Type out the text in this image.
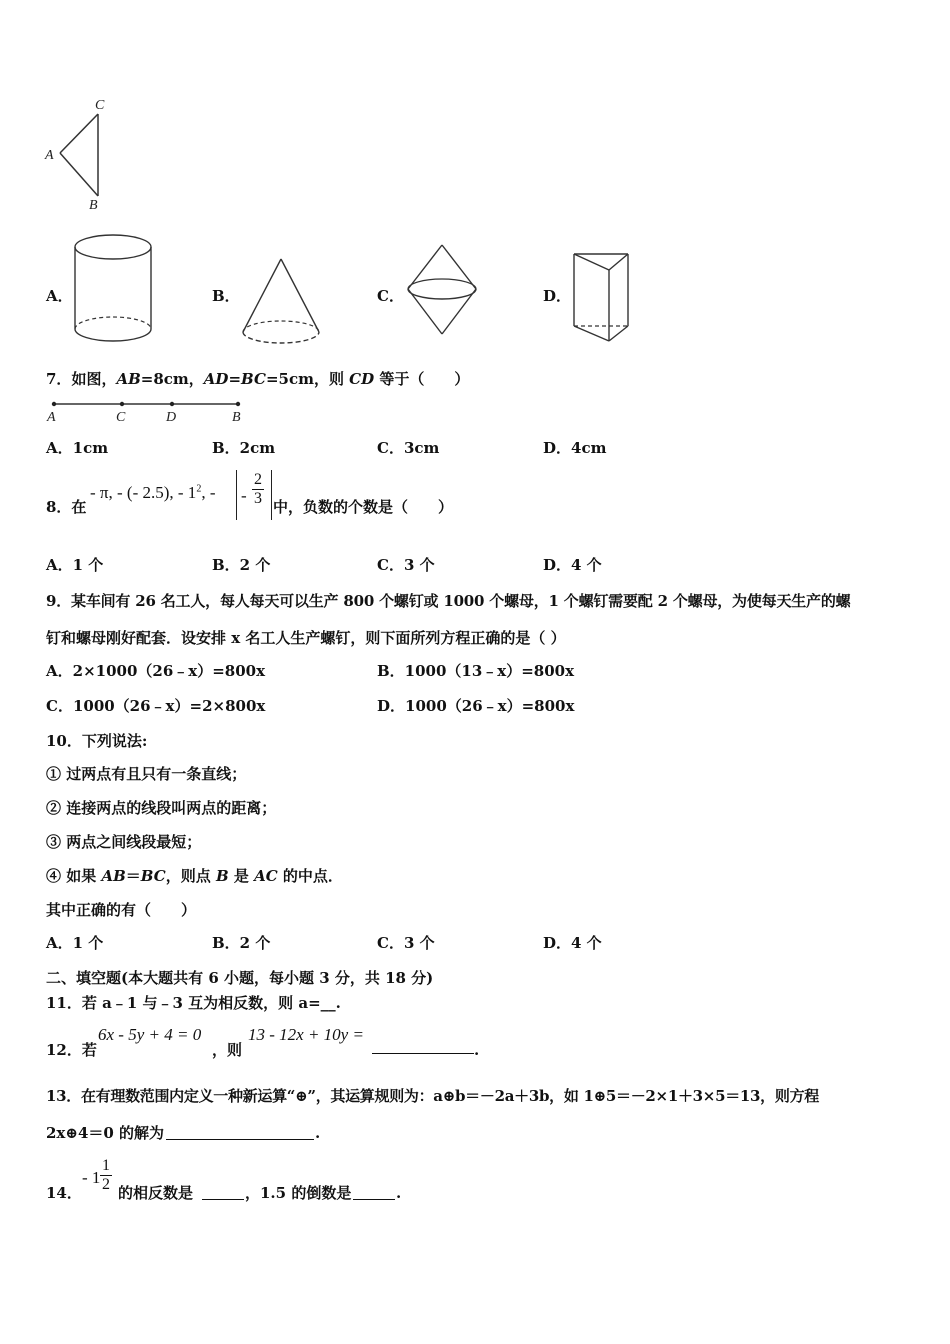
A
C
B
A．	B．	C．	D．
7．如图，AB=8cm，AD=BC=5cm，则 CD 等于（　　）
A	C	D	B
A．1cm	B．2cm	C．3cm	D．4cm
8．在
- π, - (- 2.5), - $1^2$, - - $\frac{2}{3}$ 中，负数的个数是（　　）
A．1 个	B．2 个	C．3 个	D．4 个
9．某车间有 26 名工人，每人每天可以生产 800 个螺钉或 1000 个螺母，1 个螺钉需要配 2 个螺母，为使每天生产的螺
钉和螺母刚好配套．设安排 x 名工人生产螺钉，则下面所列方程正确的是（ ）
A．2×1000（26﹣x）=800x	B．1000（13﹣x）=800x
C．1000（26﹣x）=2×800x	D．1000（26﹣x）=800x
10．下列说法:
① 过两点有且只有一条直线；
② 连接两点的线段叫两点的距离；
③ 两点之间线段最短；
④ 如果 AB＝BC，则点 B 是 AC 的中点．
其中正确的有（　　）
A．1 个	B．2 个	C．3 个	D．4 个
二、填空题(本大题共有 6 小题，每小题 3 分，共 18 分)
11．若 a﹣1 与﹣3 互为相反数，则 a=__.
12．若
6x - 5y + 4 = 0
，则
13 - 12x + 10y =
.
13．在有理数范围内定义一种新运算“⊕”，其运算规则为：a⊕b＝－2a＋3b，如 1⊕5＝－2×1＋3×5＝13，则方程
2x⊕4＝0 的解为	.
14．
- $1 \frac{1}{2}$ 的相反数是	，1.5 的倒数是	.
